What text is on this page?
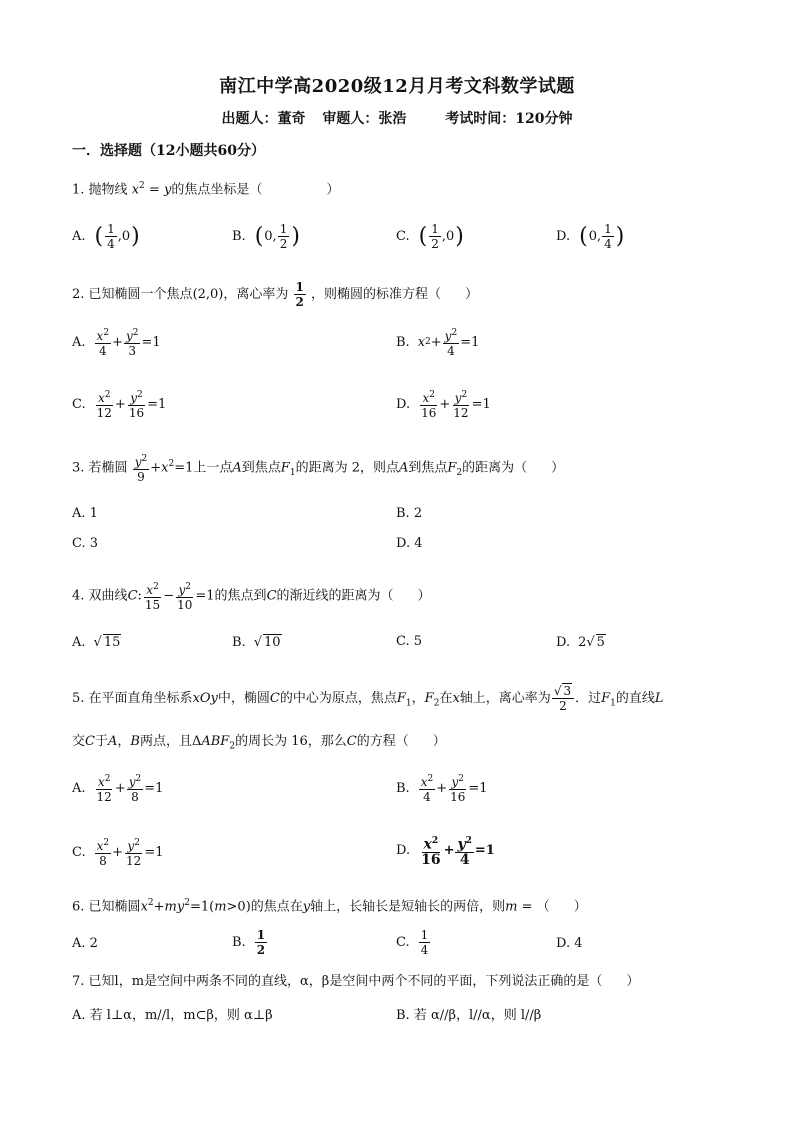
南江中学高2020级12月月考文科数学试题
出题人：董奇 审题人：张浩	考试时间：120分钟
一．选择题（12小题共60分）
1. 抛物线 $x^2 = y$的焦点坐标是（	）
A. ( $\frac{1}{4} ,0$ )	B. ( 0, $\frac{1}{2}$ )	C. ( $\frac{1}{2} ,0$ )	D. ( 0, $\frac{1}{4}$ )
2. 已知椭圆一个焦点(2,0)，离心率为 $\frac{1}{2}$ ，则椭圆的标准方程（ ）
A. $\frac{x^2}{4} + \frac{y^2}{3} =1$	B. x $2 + \frac{y^2}{4} =1$
C. $\frac{x^2}{12} + \frac{y^2}{16} =1$	D. $\frac{x^2}{16} + \frac{y^2}{12} =1$
3. 若椭圆 $\frac{y^2}{9} +x^2=1$上一点A到焦点$F_1$的距离为 2，则点A到焦点$F_2$的距离为（ ）
A. 1	B. 2
C. 3	D. 4
4. 双曲线C: $\frac{x^2}{15} - \frac{y^2}{10} =1$的焦点到C的渐近线的距离为（ ）
A. √ 15	B. √ 10	C. 5	D. 2√ 5
5. 在平面直角坐标系xOy中，椭圆C的中心为原点，焦点$F_1$，$F_2$在x轴上，离心率为 $\frac{√ 3}{2}$ ．过$F_1$的直线L
交C于A，B两点，且$\Delta ABF_2$的周长为 16，那么C的方程（ ）
A. $\frac{x^2}{12} + \frac{y^2}{8} =1$	B. $\frac{x^2}{4} + \frac{y^2}{16} =1$
C. $\frac{x^2}{8} + \frac{y^2}{12} =1$	D. $\frac{x^2}{16} + \frac{y^2}{4} =1$
6. 已知椭圆$x^2+my^2=1(m>0)$的焦点在y轴上，长轴长是短轴长的两倍，则m = （ ）
A. 2	B. $\frac{1}{2}$	C. $\frac{1}{4}$	D. 4
7. 已知l，m是空间中两条不同的直线，α，β是空间中两个不同的平面，下列说法正确的是（ ）
A. 若 l⊥α，m//l，m⊂β，则 α⊥β	B. 若 α//β，l//α，则 l//β
